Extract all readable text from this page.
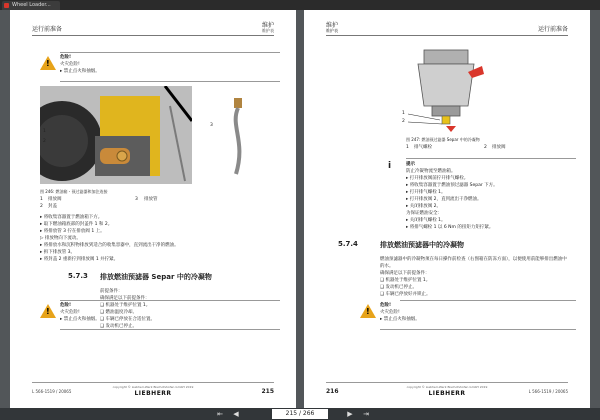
Wheel Loader...
运行前准备
维护
维护表
!
危险!
火灾危险!
▸ 禁止点火和抽烟。
1
2
3
图 246: 燃油箱 - 预过滤器和加注连接
1 排放阀
2 封盖
3 排放管
▸ 将收集容器置于燃油箱下方。
▸ 取下燃油箱底部的封盖件 1 和 2。
▸ 将排放管 3 拧在排放阀 1 上。
▷ 排放物向下流动。
▸ 将排放水和沉积物排放到适合的收集容器中，直到流出干净的燃油。
▸ 拆下排放管 3。
▸ 将封盖 2 重新拧到排放阀 1 并拧紧。
5.7.3 排放燃油预滤器 Separ 中的冷凝物
前提条件：
确保满足以下前提条件：
❑ 机器处于维护位置 1。
❑ 燃油温度冷却。
❑ 车辆已停放在合适位置。
❑ 发动机已停止。
!
危险!
火灾危险!
▸ 禁止点火和抽烟。
L 566-1519 / 20065
copyright © Liebherr-Werk Bischofshofen GmbH 2019
LIEBHERR	215
维护
维护表	运行前准备
1
2
图 247: 燃油预过滤器 Separ 中的冷凝物
1 排气螺栓	2 排放阀
i	提示
防止冷凝物流至燃油箱。
▸ 打开排放阀前拧开排气螺栓。
▸ 将收集容器置于燃油预过滤器 Separ 下方。
▸ 打开排气螺栓 1。
▸ 打开排放阀 2，直到流出干净燃油。
▸ 关闭排放阀 2。
为保证燃油安全：
▸ 关闭排气螺栓 1。
▸ 将排气螺栓 1 以 6 Nm 的扭矩力矩拧紧。
5.7.4	排放燃油预滤器中的冷凝物
燃油预滤器中的冷凝物须在每日操作前检查（右图箱在防冻方面），以便使用前能够排出燃油中的水。
确保满足以下前提条件：
❑ 机器处于维护位置 1。
❑ 发动机已停止。
❑ 车辆已停放好并锁止。
!
危险!
火灾危险!
▸ 禁止点火和抽烟。
216
copyright © Liebherr-Werk Bischofshofen GmbH 2019
LIEBHERR	L 566-1519 / 20065
⇤	◀	215 / 266	▶	⇥
